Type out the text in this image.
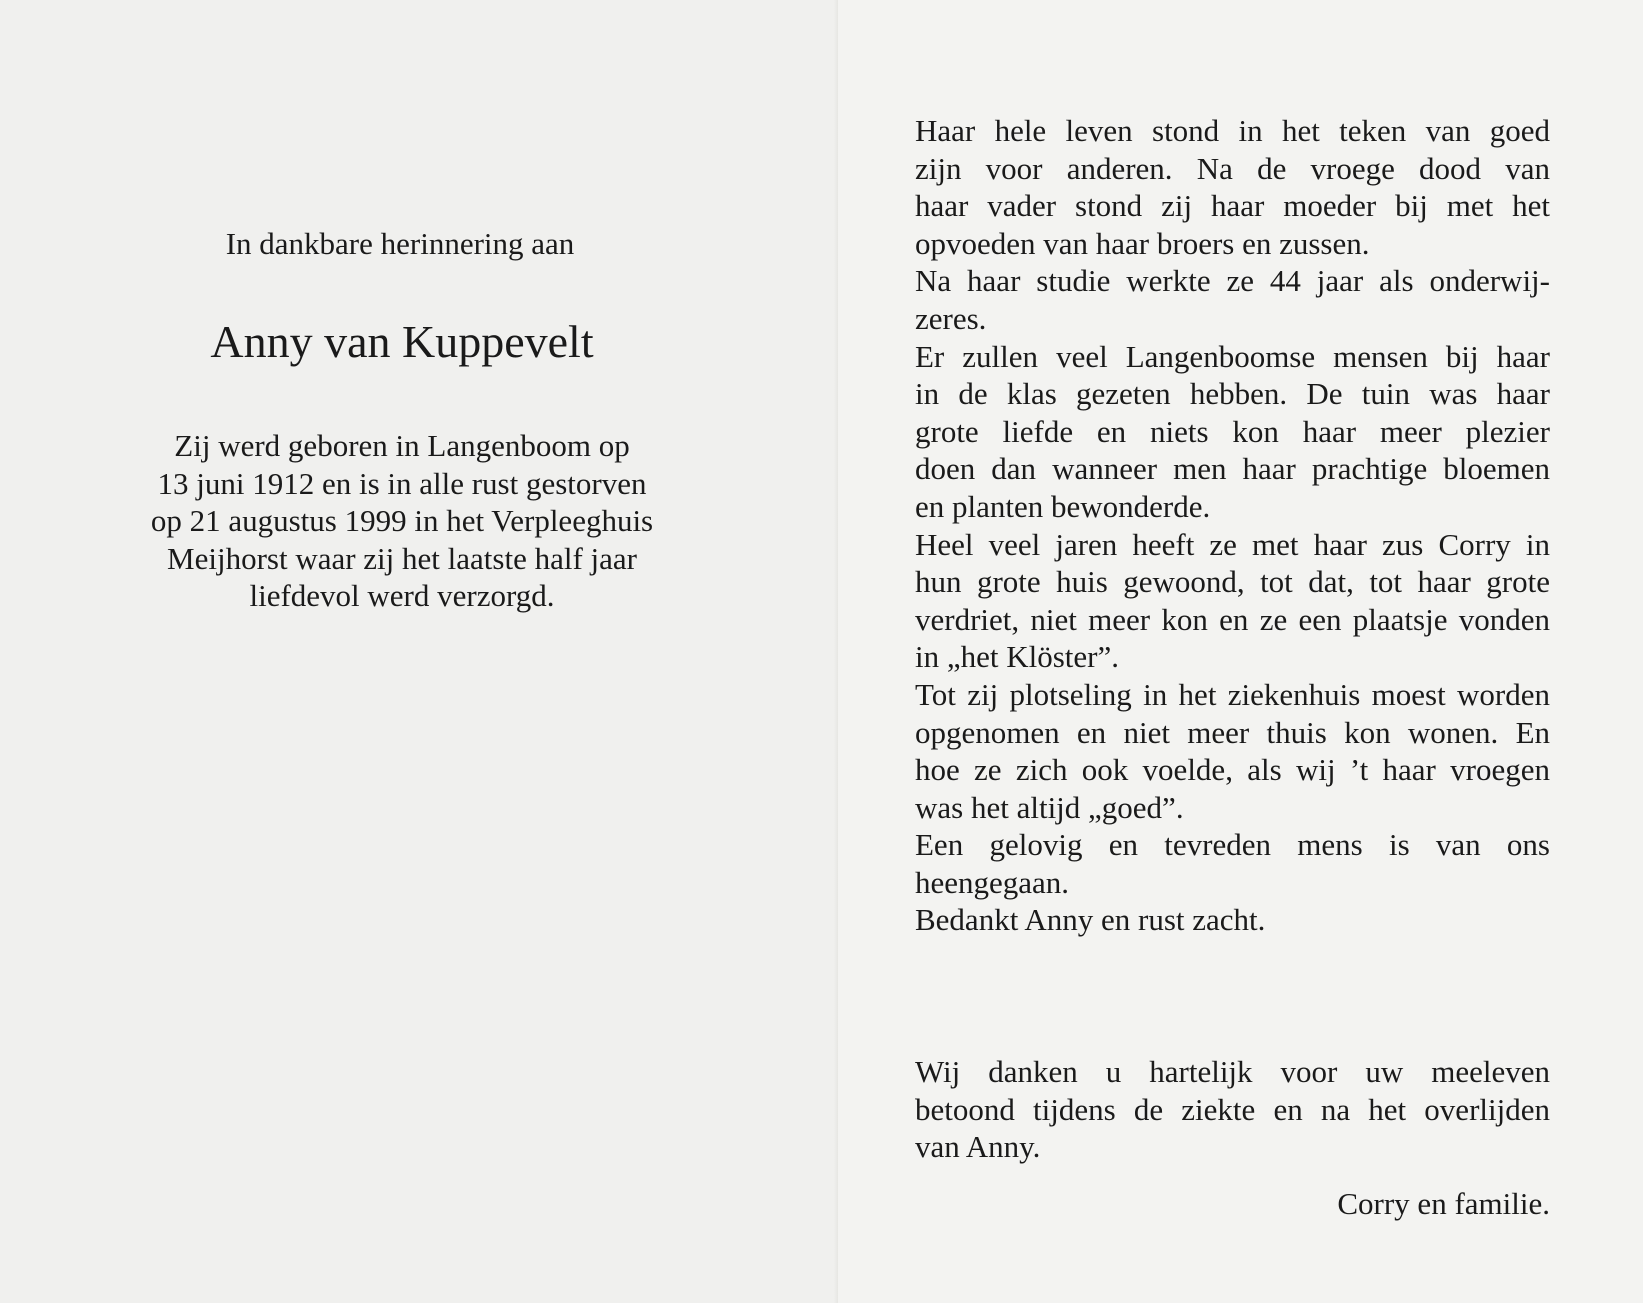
In dankbare herinnering aan
Anny van Kuppevelt
Zij werd geboren in Langenboom op
13 juni 1912 en is in alle rust gestorven
op 21 augustus 1999 in het Verpleeghuis
Meijhorst waar zij het laatste half jaar
liefdevol werd verzorgd.
Haar hele leven stond in het teken van goed
zijn voor anderen. Na de vroege dood van
haar vader stond zij haar moeder bij met het
opvoeden van haar broers en zussen.
Na haar studie werkte ze 44 jaar als onderwij-
zeres.
Er zullen veel Langenboomse mensen bij haar
in de klas gezeten hebben. De tuin was haar
grote liefde en niets kon haar meer plezier
doen dan wanneer men haar prachtige bloemen
en planten bewonderde.
Heel veel jaren heeft ze met haar zus Corry in
hun grote huis gewoond, tot dat, tot haar grote
verdriet, niet meer kon en ze een plaatsje vonden
in „het Klöster”.
Tot zij plotseling in het ziekenhuis moest worden
opgenomen en niet meer thuis kon wonen. En
hoe ze zich ook voelde, als wij ’t haar vroegen
was het altijd „goed”.
Een gelovig en tevreden mens is van ons
heengegaan.
Bedankt Anny en rust zacht.
Wij danken u hartelijk voor uw meeleven
betoond tijdens de ziekte en na het overlijden
van Anny.
Corry en familie.
